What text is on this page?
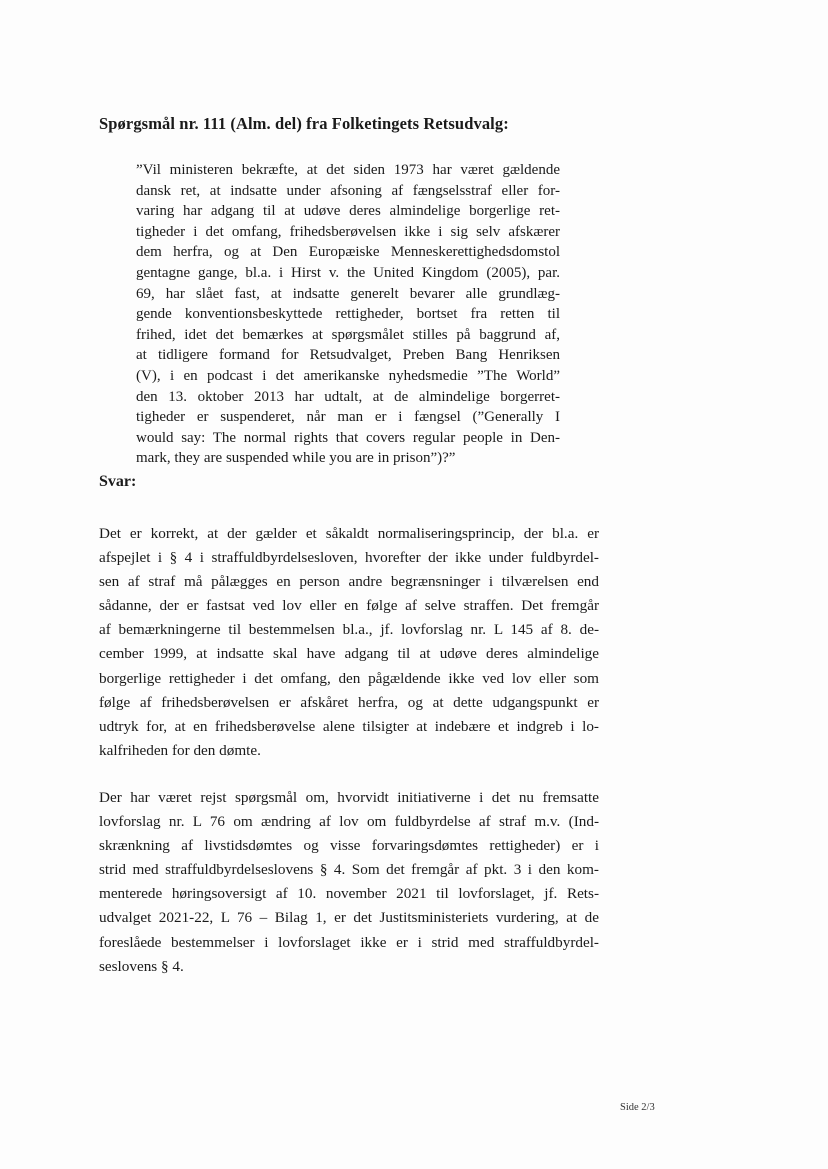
Spørgsmål nr. 111 (Alm. del) fra Folketingets Retsudvalg:
”Vil ministeren bekræfte, at det siden 1973 har været gældende
dansk ret, at indsatte under afsoning af fængselsstraf eller for-
varing har adgang til at udøve deres almindelige borgerlige ret-
tigheder i det omfang, frihedsberøvelsen ikke i sig selv afskærer
dem herfra, og at Den Europæiske Menneskerettighedsdomstol
gentagne gange, bl.a. i Hirst v. the United Kingdom (2005), par.
69, har slået fast, at indsatte generelt bevarer alle grundlæg-
gende konventionsbeskyttede rettigheder, bortset fra retten til
frihed, idet det bemærkes at spørgsmålet stilles på baggrund af,
at tidligere formand for Retsudvalget, Preben Bang Henriksen
(V), i en podcast i det amerikanske nyhedsmedie ”The World”
den 13. oktober 2013 har udtalt, at de almindelige borgerret-
tigheder er suspenderet, når man er i fængsel (”Generally I
would say: The normal rights that covers regular people in Den-
mark, they are suspended while you are in prison”)?”
Svar:
Det er korrekt, at der gælder et såkaldt normaliseringsprincip, der bl.a. er
afspejlet i § 4 i straffuldbyrdelsesloven, hvorefter der ikke under fuldbyrdel-
sen af straf må pålægges en person andre begrænsninger i tilværelsen end
sådanne, der er fastsat ved lov eller en følge af selve straffen. Det fremgår
af bemærkningerne til bestemmelsen bl.a., jf. lovforslag nr. L 145 af 8. de-
cember 1999, at indsatte skal have adgang til at udøve deres almindelige
borgerlige rettigheder i det omfang, den pågældende ikke ved lov eller som
følge af frihedsberøvelsen er afskåret herfra, og at dette udgangspunkt er
udtryk for, at en frihedsberøvelse alene tilsigter at indebære et indgreb i lo-
kalfriheden for den dømte.
Der har været rejst spørgsmål om, hvorvidt initiativerne i det nu fremsatte
lovforslag nr. L 76 om ændring af lov om fuldbyrdelse af straf m.v. (Ind-
skrænkning af livstidsdømtes og visse forvaringsdømtes rettigheder) er i
strid med straffuldbyrdelseslovens § 4. Som det fremgår af pkt. 3 i den kom-
menterede høringsoversigt af 10. november 2021 til lovforslaget, jf. Rets-
udvalget 2021-22, L 76 – Bilag 1, er det Justitsministeriets vurdering, at de
foreslåede bestemmelser i lovforslaget ikke er i strid med straffuldbyrdel-
seslovens § 4.
Side 2/3
